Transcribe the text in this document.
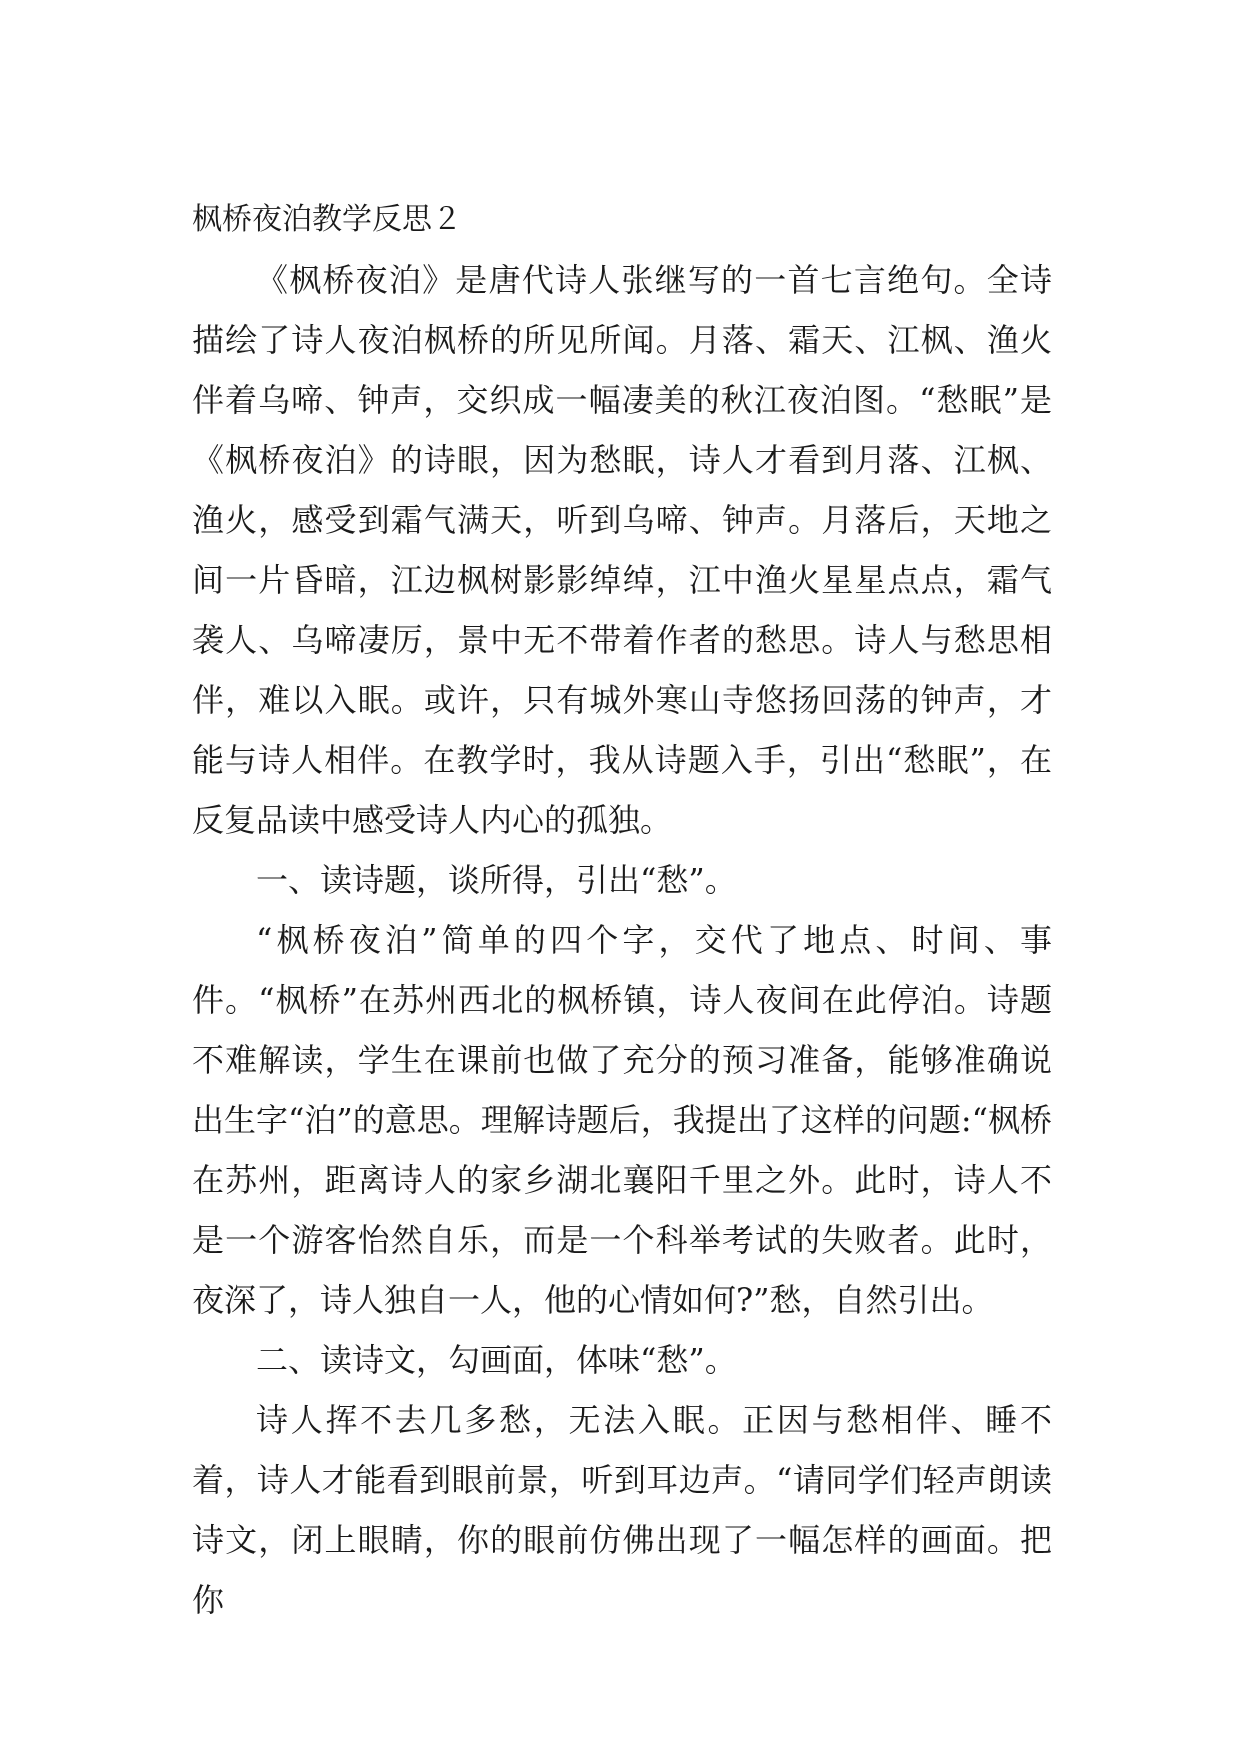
枫桥夜泊教学反思２

《枫桥夜泊》是唐代诗人张继写的一首七言绝句。全诗描绘了诗人夜泊枫桥的所见所闻。月落、霜天、江枫、渔火伴着乌啼、钟声，交织成一幅凄美的秋江夜泊图。“愁眠”是《枫桥夜泊》的诗眼，因为愁眠，诗人才看到月落、江枫、渔火，感受到霜气满天，听到乌啼、钟声。月落后，天地之间一片昏暗，江边枫树影影绰绰，江中渔火星星点点，霜气袭人、乌啼凄厉，景中无不带着作者的愁思。诗人与愁思相伴，难以入眠。或许，只有城外寒山寺悠扬回荡的钟声，才能与诗人相伴。在教学时，我从诗题入手，引出“愁眠”，在反复品读中感受诗人内心的孤独。

一、读诗题，谈所得，引出“愁”。

“枫桥夜泊”简单的四个字，交代了地点、时间、事件。“枫桥”在苏州西北的枫桥镇，诗人夜间在此停泊。诗题不难解读，学生在课前也做了充分的预习准备，能够准确说出生字“泊”的意思。理解诗题后，我提出了这样的问题:“枫桥在苏州，距离诗人的家乡湖北襄阳千里之外。此时，诗人不是一个游客怡然自乐，而是一个科举考试的失败者。此时，夜深了，诗人独自一人，他的心情如何?”愁，自然引出。

二、读诗文，勾画面，体味“愁”。

诗人挥不去几多愁，无法入眠。正因与愁相伴、睡不着，诗人才能看到眼前景，听到耳边声。“请同学们轻声朗读诗文，闭上眼睛，你的眼前仿佛出现了一幅怎样的画面。把你
